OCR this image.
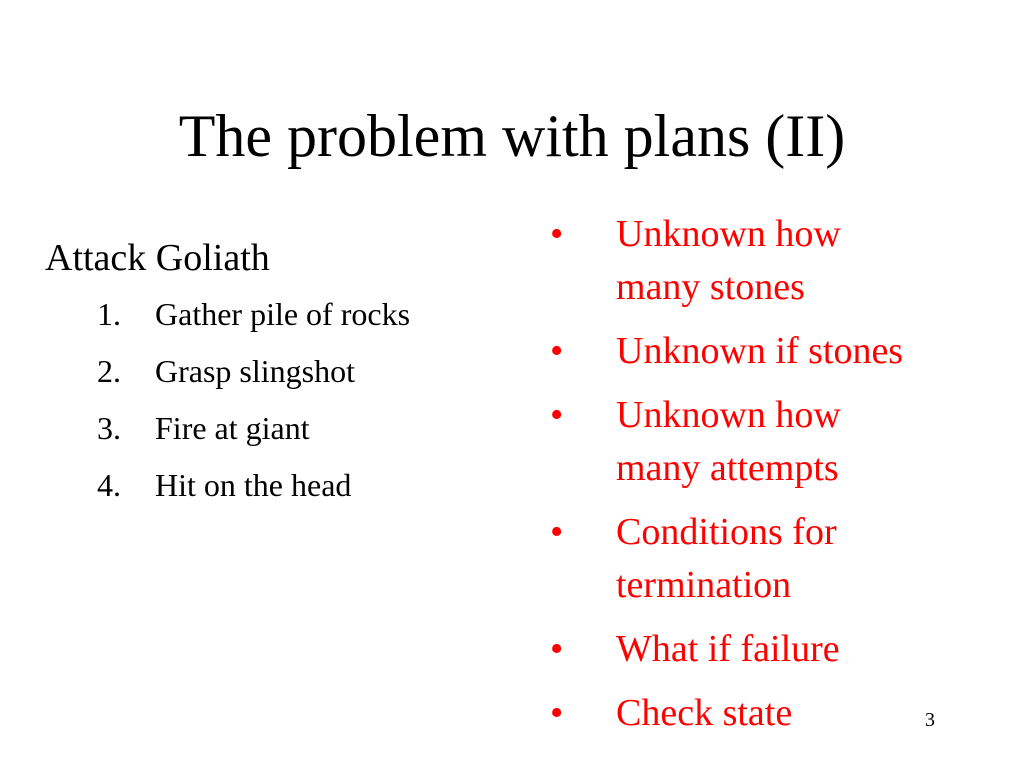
The problem with plans (II)
Attack Goliath
1. Gather pile of rocks
2. Grasp slingshot
3. Fire at giant
4. Hit on the head
• Unknown how
many stones
• Unknown if stones
• Unknown how
many attempts
• Conditions for
termination
• What if failure
• Check state	3
